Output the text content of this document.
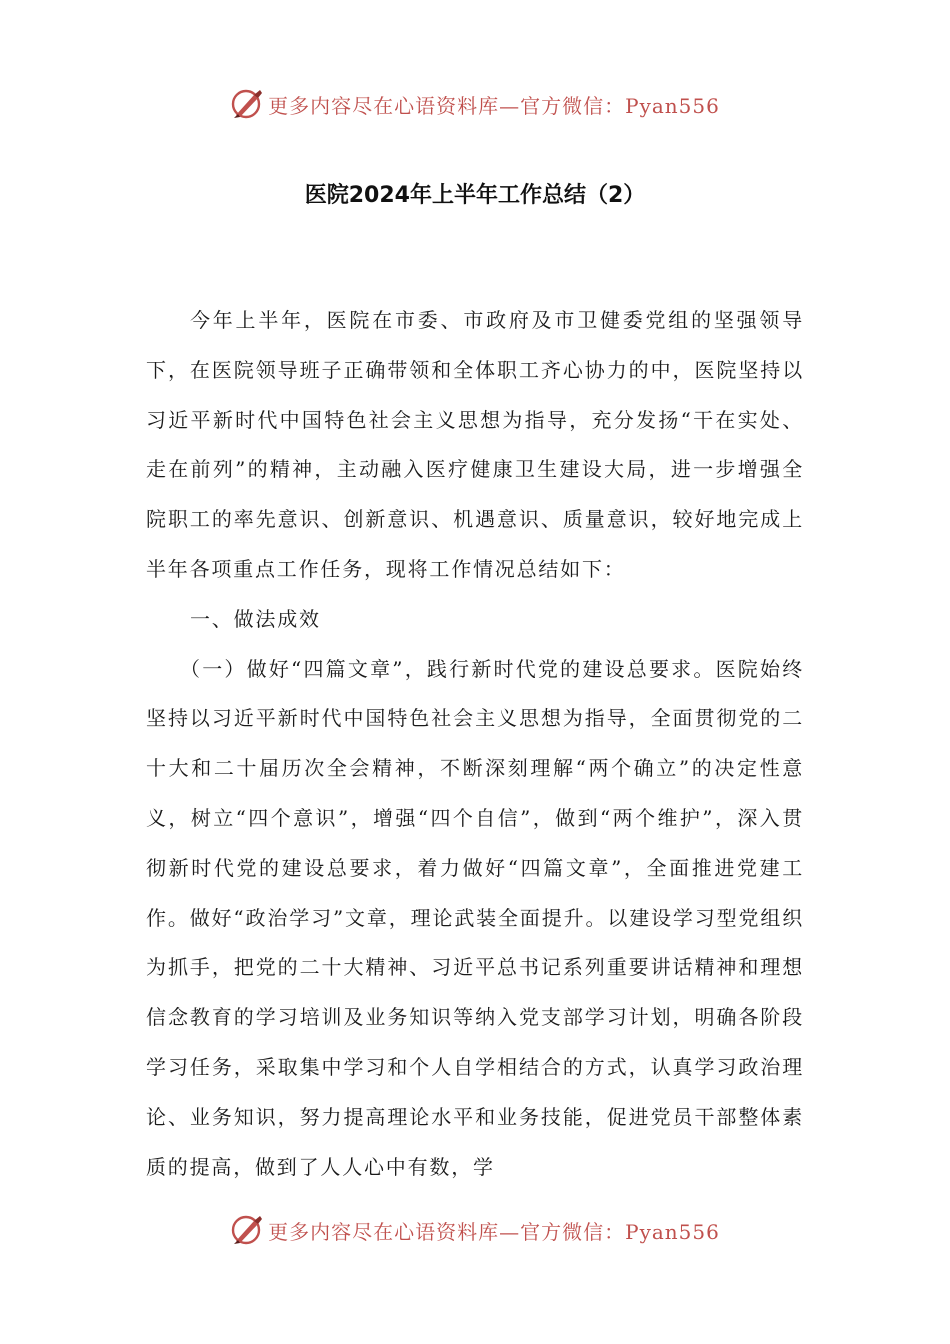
更多内容尽在心语资料库—官方微信：Pyan556
医院2024年上半年工作总结（2）

今年上半年，医院在市委、市政府及市卫健委党组的坚强领导下，在医院领导班子正确带领和全体职工齐心协力的中，医院坚持以习近平新时代中国特色社会主义思想为指导，充分发扬“干在实处、走在前列”的精神，主动融入医疗健康卫生建设大局，进一步增强全院职工的率先意识、创新意识、机遇意识、质量意识，较好地完成上半年各项重点工作任务，现将工作情况总结如下：

一、做法成效

（一）做好“四篇文章”，践行新时代党的建设总要求。医院始终坚持以习近平新时代中国特色社会主义思想为指导，全面贯彻党的二十大和二十届历次全会精神，不断深刻理解“两个确立”的决定性意义，树立“四个意识”，增强“四个自信”，做到“两个维护”，深入贯彻新时代党的建设总要求，着力做好“四篇文章”，全面推进党建工作。做好“政治学习”文章，理论武装全面提升。以建设学习型党组织为抓手，把党的二十大精神、习近平总书记系列重要讲话精神和理想信念教育的学习培训及业务知识等纳入党支部学习计划，明确各阶段学习任务，采取集中学习和个人自学相结合的方式，认真学习政治理论、业务知识，努力提高理论水平和业务技能，促进党员干部整体素质的提高，做到了人人心中有数，学

更多内容尽在心语资料库—官方微信：Pyan556
